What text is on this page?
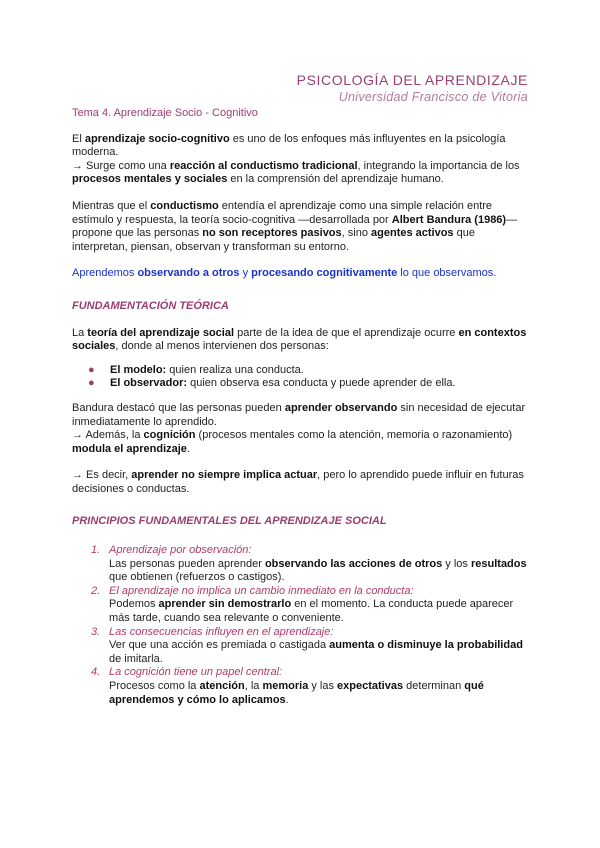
PSICOLOGÍA DEL APRENDIZAJE
Universidad Francisco de Vitoria

Tema 4. Aprendizaje Socio - Cognitivo

El aprendizaje socio-cognitivo es uno de los enfoques más influyentes en la psicología moderna.
→ Surge como una reacción al conductismo tradicional, integrando la importancia de los procesos mentales y sociales en la comprensión del aprendizaje humano.

Mientras que el conductismo entendía el aprendizaje como una simple relación entre estímulo y respuesta, la teoría socio-cognitiva —desarrollada por Albert Bandura (1986)— propone que las personas no son receptores pasivos, sino agentes activos que interpretan, piensan, observan y transforman su entorno.

Aprendemos observando a otros y procesando cognitivamente lo que observamos.

FUNDAMENTACIÓN TEÓRICA

La teoría del aprendizaje social parte de la idea de que el aprendizaje ocurre en contextos sociales, donde al menos intervienen dos personas:

● El modelo: quien realiza una conducta.
● El observador: quien observa esa conducta y puede aprender de ella.

Bandura destacó que las personas pueden aprender observando sin necesidad de ejecutar inmediatamente lo aprendido.
→ Además, la cognición (procesos mentales como la atención, memoria o razonamiento) modula el aprendizaje.

→ Es decir, aprender no siempre implica actuar, pero lo aprendido puede influir en futuras decisiones o conductas.

PRINCIPIOS FUNDAMENTALES DEL APRENDIZAJE SOCIAL

1. Aprendizaje por observación:
Las personas pueden aprender observando las acciones de otros y los resultados que obtienen (refuerzos o castigos).
2. El aprendizaje no implica un cambio inmediato en la conducta:
Podemos aprender sin demostrarlo en el momento. La conducta puede aparecer más tarde, cuando sea relevante o conveniente.
3. Las consecuencias influyen en el aprendizaje:
Ver que una acción es premiada o castigada aumenta o disminuye la probabilidad de imitarla.
4. La cognición tiene un papel central:
Procesos como la atención, la memoria y las expectativas determinan qué aprendemos y cómo lo aplicamos.
